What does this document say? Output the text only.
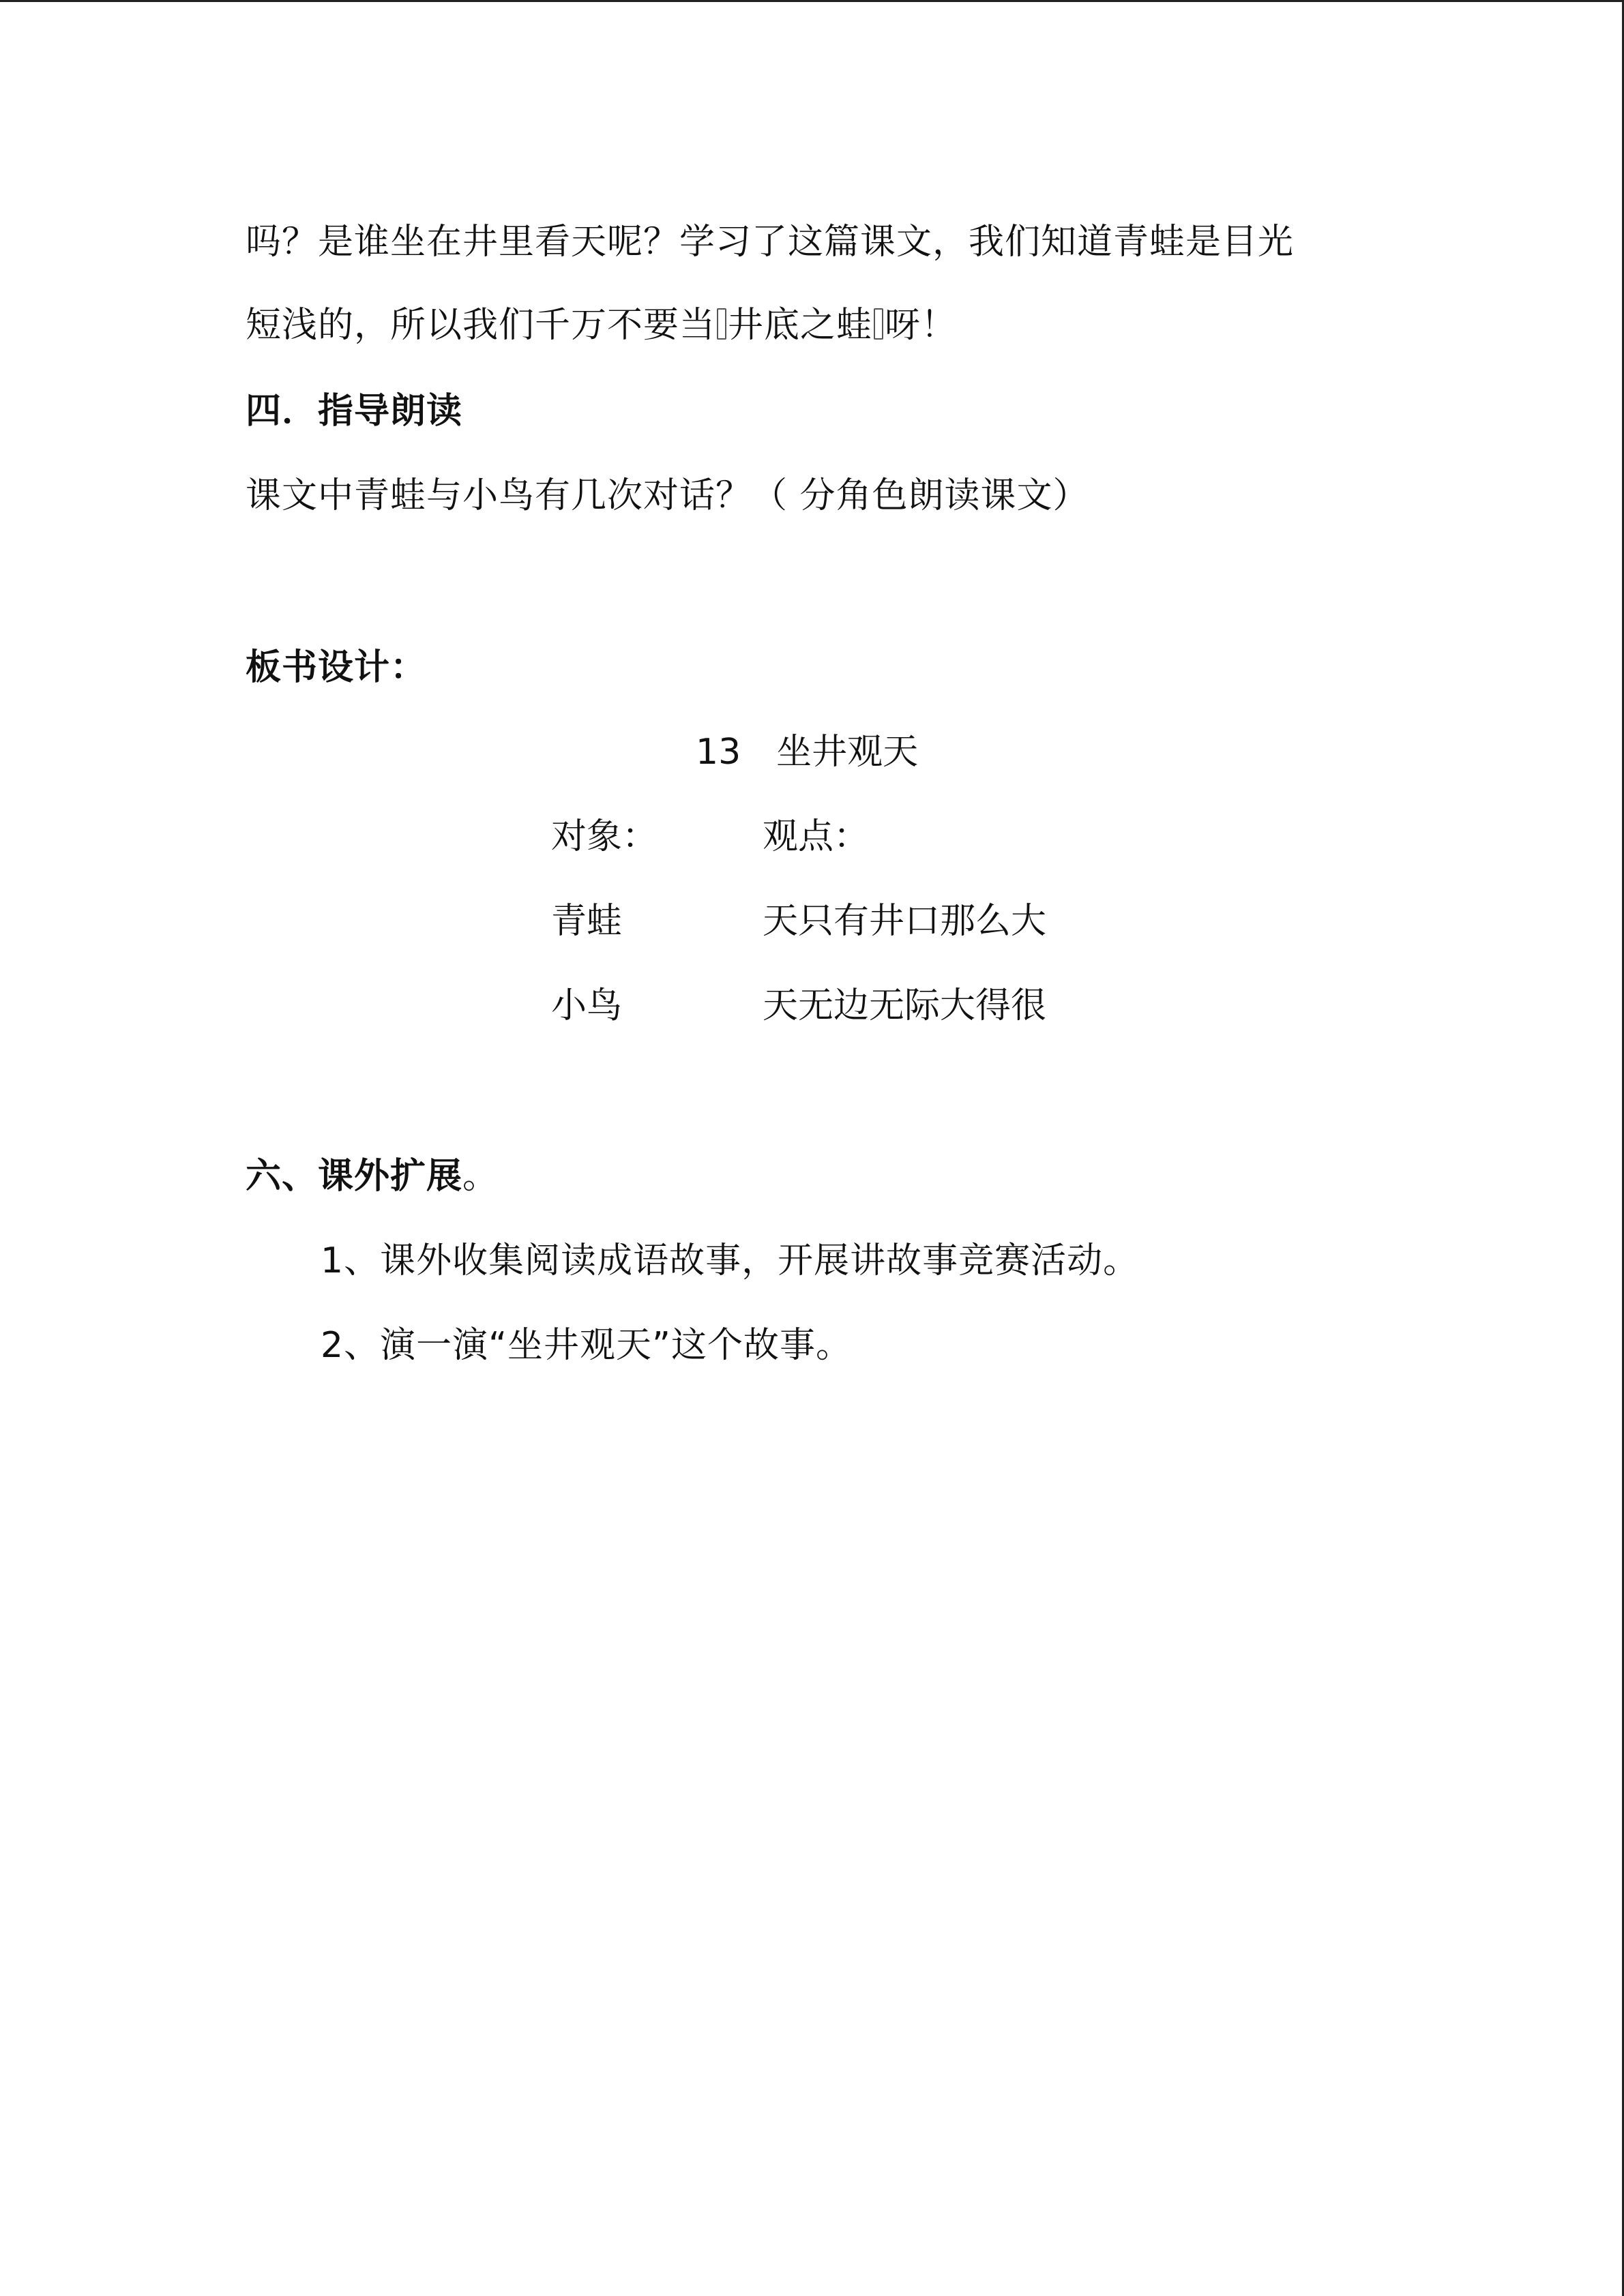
吗？是谁坐在井里看天呢？学习了这篇课文，我们知道青蛙是目光
短浅的，所以我们千万不要当 井底之蛙 呀！
四．指导朗读
课文中青蛙与小鸟有几次对话？（ 分角色朗读课文）
板书设计：
13 坐井观天
对象：	观点：
青蛙	天只有井口那么大
小鸟	天无边无际大得很
六、课外扩展。
1、课外收集阅读成语故事，开展讲故事竞赛活动。
2、演一演“坐井观天”这个故事。
